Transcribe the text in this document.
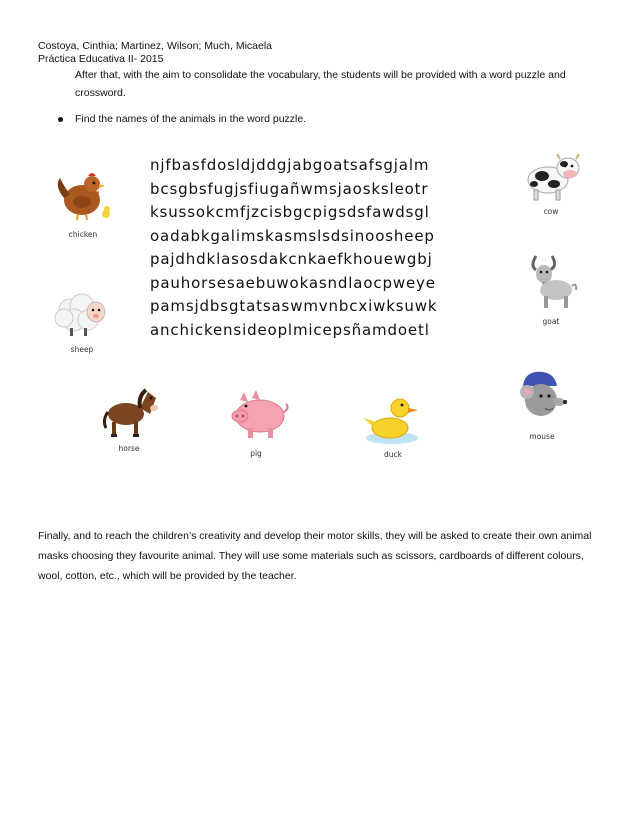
Costoya, Cinthia; Martinez, Wilson; Much, Micaela
Práctica Educativa II- 2015
After that, with the aim to consolidate the vocabulary, the students will be provided with a word puzzle and crossword.
Find the names of the animals in the word puzzle.
njfbasfdosldjddgjabgoatsafsgjalm
bcsgbsfugjsfiugañwmsjaosksleotr
ksussokcmfjzcisbgcpigsdsfawdsgl
oadabkgalimskasmslsdsinoosheep
pajdhdklasosdakcnkaefkhouewgbj
pauhorsesaebuwokasndlaocpweye
pamsjdbsgtatsaswmvnbcxiwksuwk
anchickensideoplmicepsñamdoetl
chicken
sheep
cow
goat
horse
pig	duck
mouse
Finally, and to reach the children’s creativity and develop their motor skills, they will be asked to create their own animal masks choosing they favourite animal. They will use some materials such as scissors, cardboards of different colours, wool, cotton, etc., which will be provided by the teacher.
